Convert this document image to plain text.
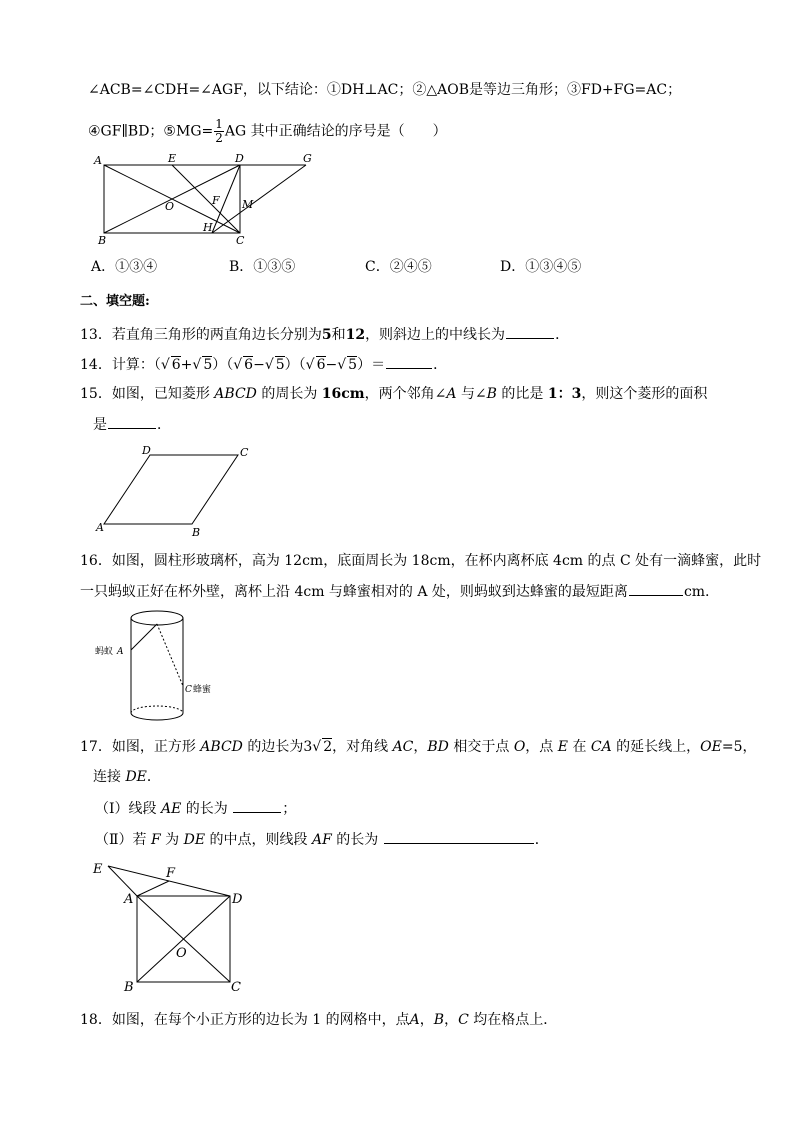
∠ACB=∠CDH=∠AGF，以下结论：①DH⊥AC；②△AOB是等边三角形；③FD+FG=AC；
④GF∥BD；⑤MG= $\frac{1}{2}$ AG 其中正确结论的序号是（　　）
A	E	D	G
O	F M
B
H
C
A．①③④	B．①③⑤	C．②④⑤	D．①③④⑤
二、填空题:
13．若直角三角形的两直角边长分别为5和12，则斜边上的中线长为	．
14．计算：（√ 6+√ 5）（√ 6−√ 5）（√ 6−√ 5）＝	．
15．如图，已知菱形 ABCD 的周长为 16cm，两个邻角∠A 与∠B 的比是 1：3，则这个菱形的面积
是	．
A	B
C
D
16．如图，圆柱形玻璃杯，高为 12cm，底面周长为 18cm，在杯内离杯底 4cm 的点 C 处有一滴蜂蜜，此时
一只蚂蚁正好在杯外壁，离杯上沿 4cm 与蜂蜜相对的 A 处，则蚂蚁到达蜂蜜的最短距离	cm.
蚂蚁 A
C 蜂蜜
17．如图，正方形 ABCD 的边长为3√ 2，对角线 AC，BD 相交于点 O，点 E 在 CA 的延长线上，OE=5，
连接 DE．
（Ⅰ）线段 AE 的长为	；
（Ⅱ）若 F 为 DE 的中点，则线段 AF 的长为	．
E	F
A	D
O
B	C
18．如图，在每个小正方形的边长为 1 的网格中，点A，B，C 均在格点上．
